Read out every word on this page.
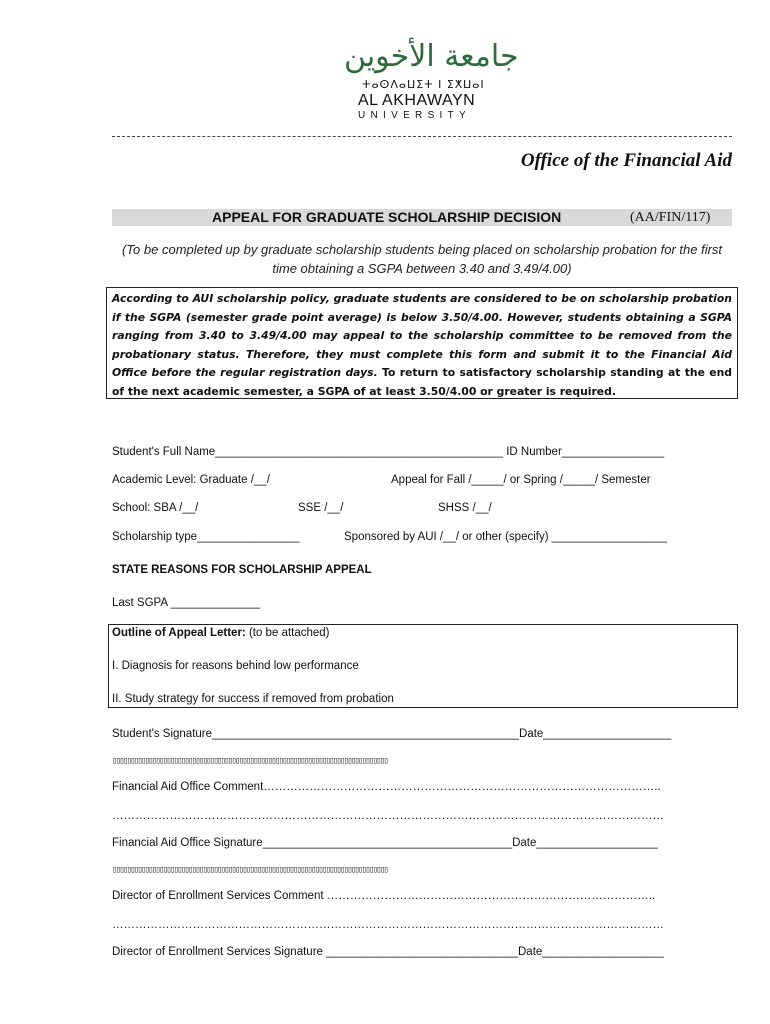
جامعة الأخوين
ⵜⴰⵙⴷⴰⵡⵉⵜ ⵏ ⵉⵅⵡⴰⵏ
AL AKHAWAYN
UNIVERSITY
Office of the Financial Aid
APPEAL FOR GRADUATE SCHOLARSHIP DECISION	(AA/FIN/117)
(To be completed up by graduate scholarship students being placed on scholarship probation for the first time obtaining a SGPA between 3.40 and 3.49/4.00)
According to AUI scholarship policy, graduate students are considered to be on scholarship probation if the SGPA (semester grade point average) is below 3.50/4.00. However, students obtaining a SGPA ranging from 3.40 to 3.49/4.00 may appeal to the scholarship committee to be removed from the probationary status. Therefore, they must complete this form and submit it to the Financial Aid Office before the regular registration days. To return to satisfactory scholarship standing at the end of the next academic semester, a SGPA of at least 3.50/4.00 or greater is required.
Student's Full Name_____________________________________________ ID Number________________
Academic Level: Graduate /__/	Appeal for Fall /_____/ or Spring /_____/ Semester
School: SBA /__/	SSE /__/	SHSS /__/
Scholarship type________________	Sponsored by AUI /__/ or other (specify) __________________
STATE REASONS FOR SCHOLARSHIP APPEAL
Last SGPA ______________
Outline of Appeal Letter: (to be attached)
I. Diagnosis for reasons behind low performance
II. Study strategy for success if removed from probation
Student's Signature________________________________________________Date____________________
▯▯▯▯▯▯▯▯▯▯▯▯▯▯▯▯▯▯▯▯▯▯▯▯▯▯▯▯▯▯▯▯▯▯▯▯▯▯▯▯▯▯▯▯▯▯▯▯▯▯▯▯▯▯▯▯▯▯▯▯▯▯▯▯▯▯▯▯▯▯▯▯▯▯▯▯
Financial Aid Office Comment…………………………………………………………………………………………..
………………………………………………………………………………………………………………………………
Financial Aid Office Signature_______________________________________Date___________________
▯▯▯▯▯▯▯▯▯▯▯▯▯▯▯▯▯▯▯▯▯▯▯▯▯▯▯▯▯▯▯▯▯▯▯▯▯▯▯▯▯▯▯▯▯▯▯▯▯▯▯▯▯▯▯▯▯▯▯▯▯▯▯▯▯▯▯▯▯▯▯▯▯▯▯▯
Director of Enrollment Services Comment …………………………………………………………………………..
………………………………………………………………………………………………………………………………
Director of Enrollment Services Signature ______________________________Date___________________
